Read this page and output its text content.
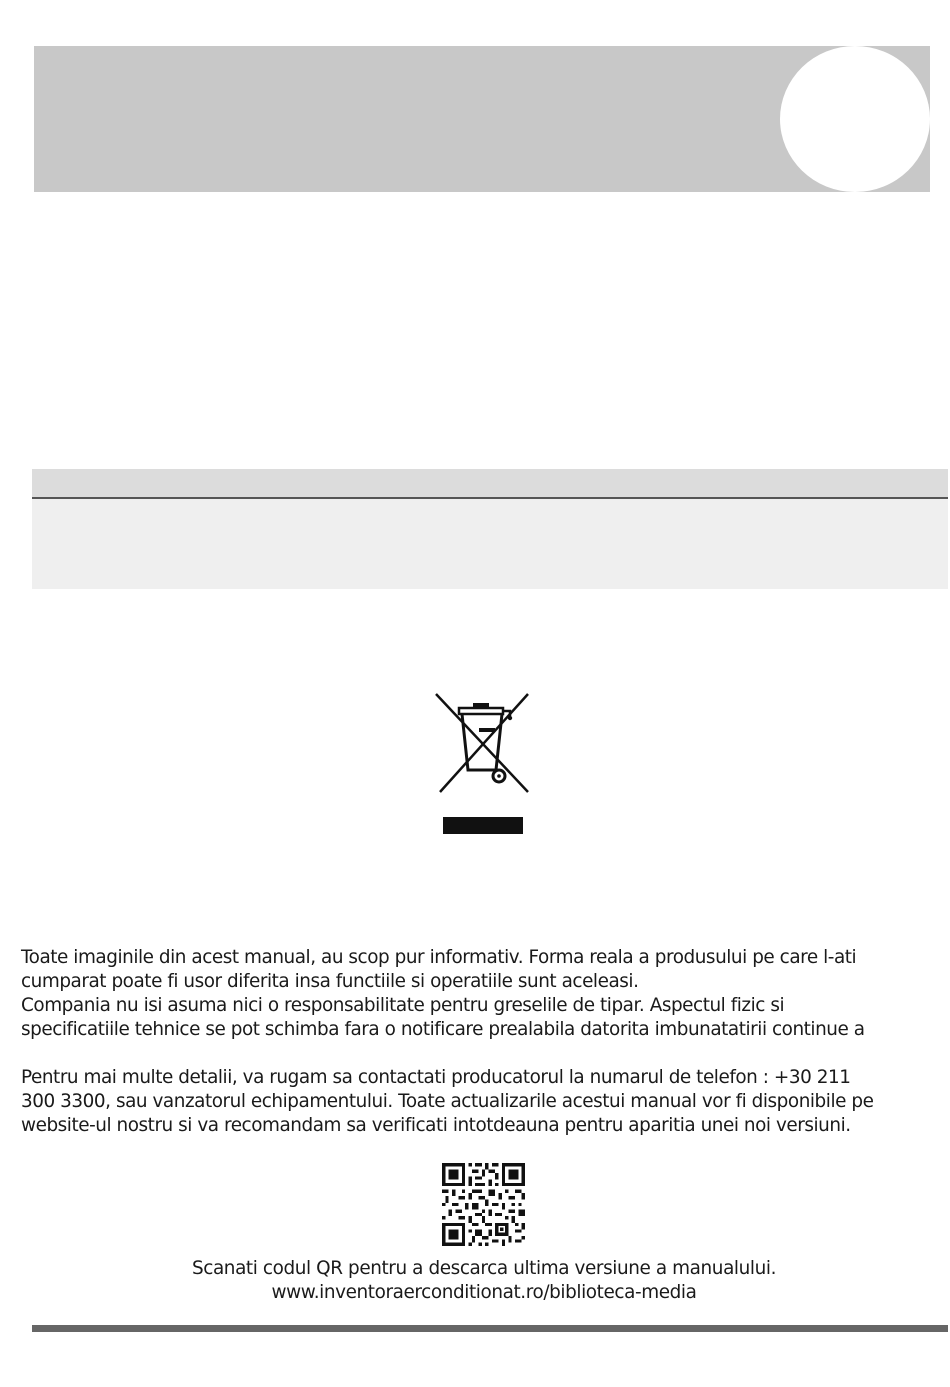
Toate imaginile din acest manual, au scop pur informativ. Forma reala a produsului pe care l-ati

cumparat poate fi usor diferita insa functiile si operatiile sunt aceleasi.

Compania nu isi asuma nici o responsabilitate pentru greselile de tipar. Aspectul fizic si

specificatiile tehnice se pot schimba fara o notificare prealabila datorita imbunatatirii continue a

Pentru mai multe detalii, va rugam sa contactati producatorul la numarul de telefon : +30 211

300 3300, sau vanzatorul echipamentului. Toate actualizarile acestui manual vor fi disponibile pe

website-ul nostru si va recomandam sa verificati intotdeauna pentru aparitia unei noi versiuni.

Scanati codul QR pentru a descarca ultima versiune a manualului.
www.inventoraerconditionat.ro/biblioteca-media
